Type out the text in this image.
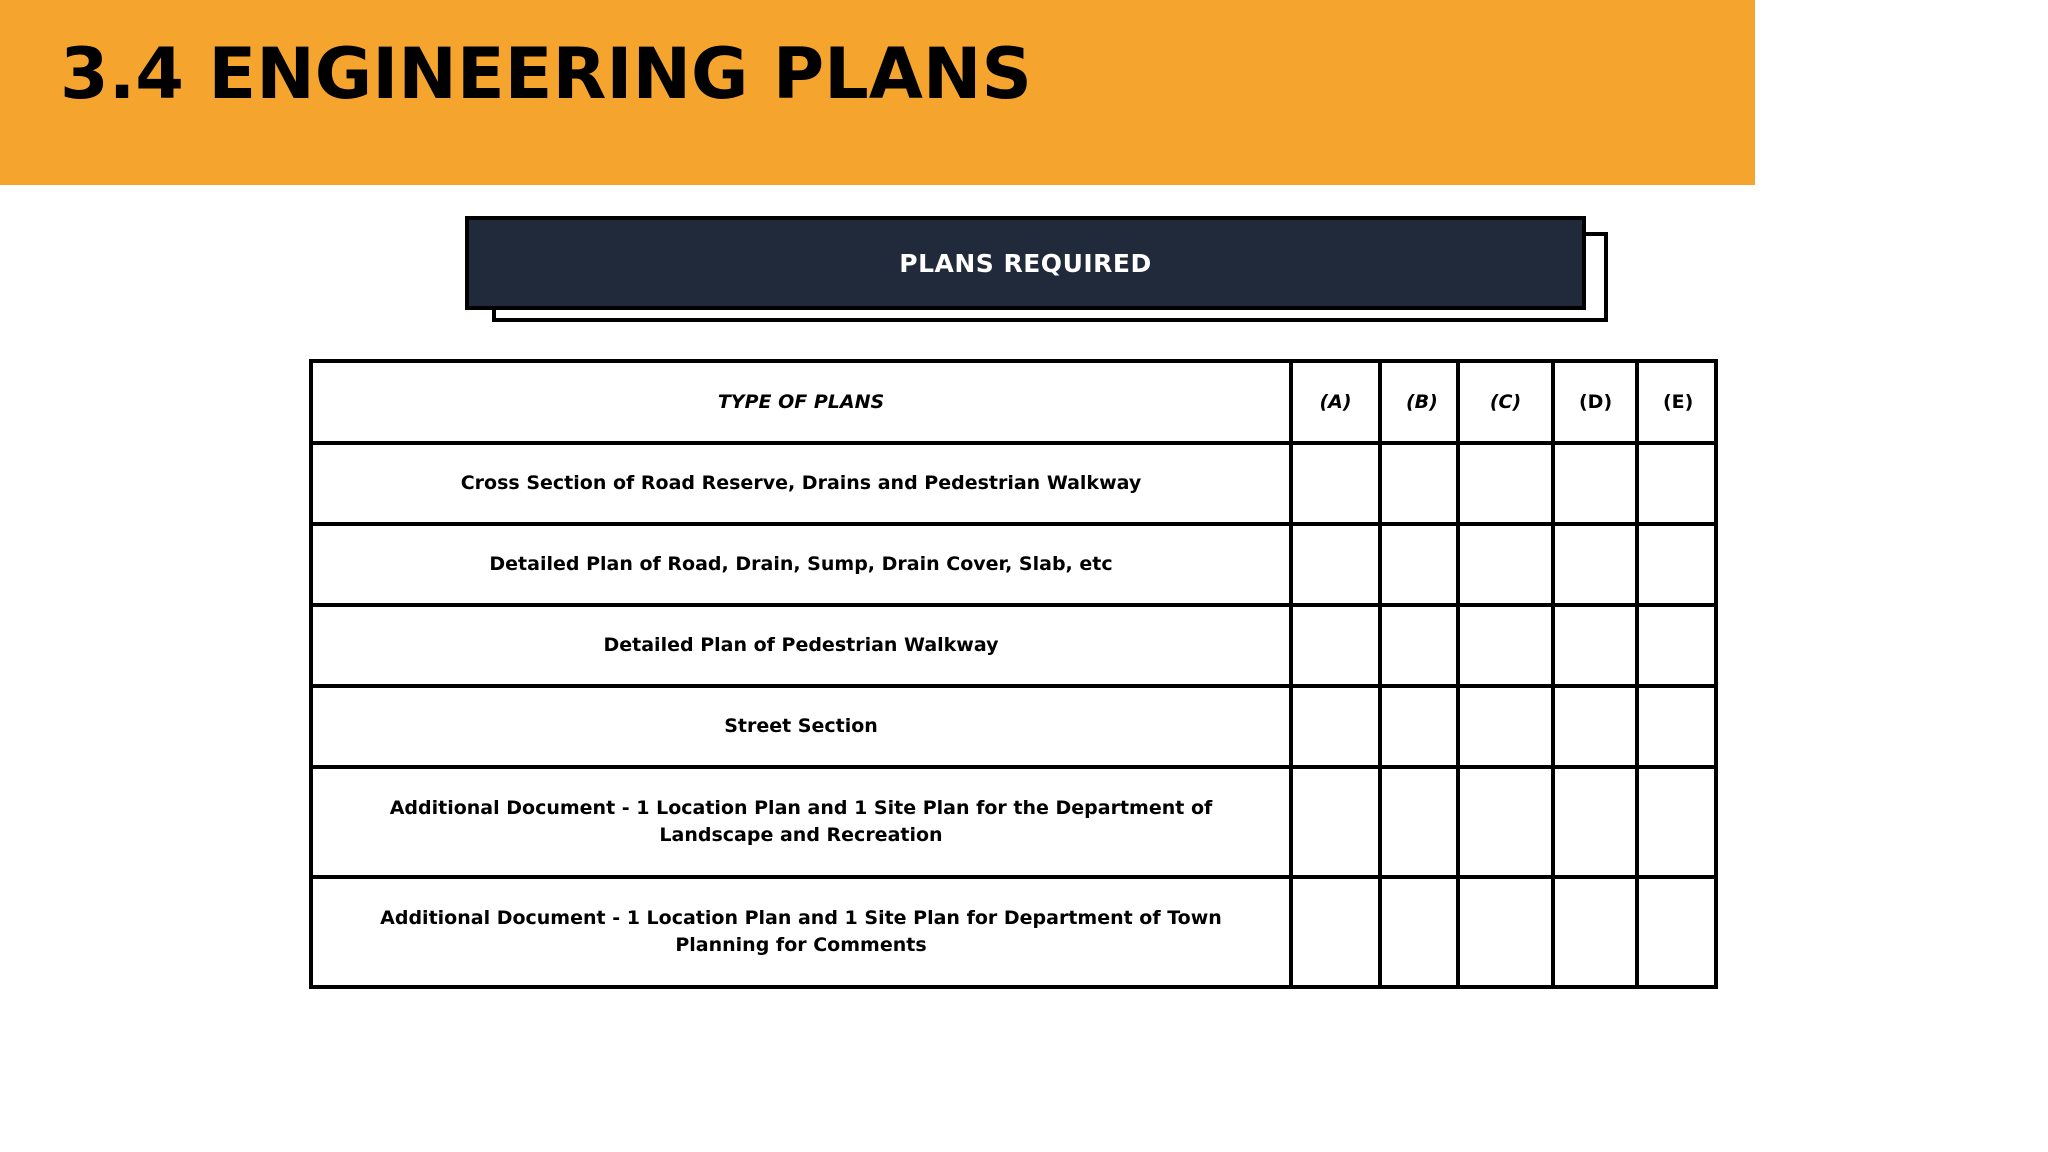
3.4 ENGINEERING PLANS
PLANS REQUIRED
TYPE OF PLANS	(A)	(B)	(C)	(D)	(E)
Cross Section of Road Reserve, Drains and Pedestrian Walkway					
Detailed Plan of Road, Drain, Sump, Drain Cover, Slab, etc					
Detailed Plan of Pedestrian Walkway					
Street Section					
Additional Document - 1 Location Plan and 1 Site Plan for the Department of Landscape and Recreation					
Additional Document - 1 Location Plan and 1 Site Plan for Department of Town Planning for Comments					
